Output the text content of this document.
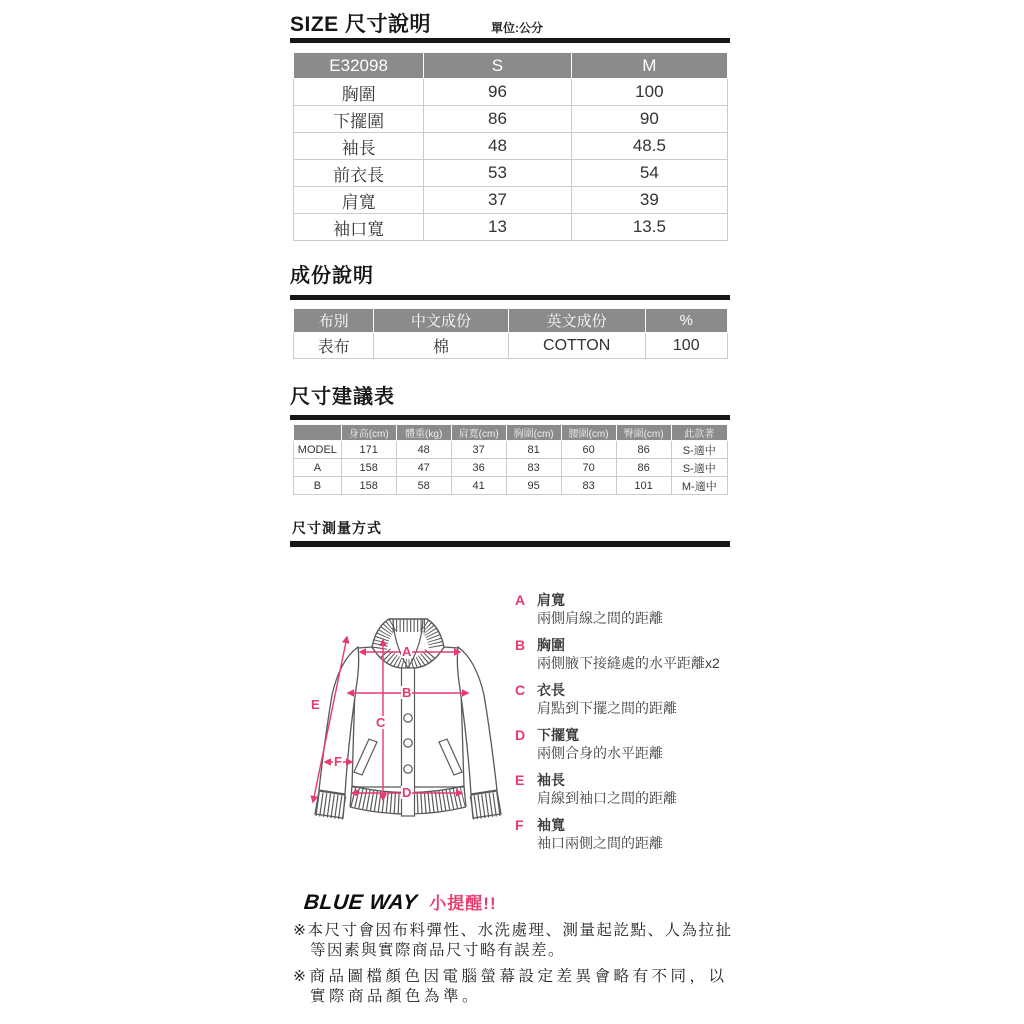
SIZE 尺寸說明	單位:公分
E32098	S	M
胸圍	96	100
下擺圍	86	90
袖長	48	48.5
前衣長	53	54
肩寬	37	39
袖口寬	13	13.5
成份說明
布別	中文成份	英文成份	%
表布	棉	COTTON	100
尺寸建議表
	身高(cm)	體重(kg)	肩寬(cm)	胸圍(cm)	腰圍(cm)	臀圍(cm)	此款著
MODEL	171	48	37	81	60	86	S-適中
A	158	47	36	83	70	86	S-適中
B	158	58	41	95	83	101	M-適中
尺寸測量方式
A
B
C
D
E
F
A 肩寬
兩側肩線之間的距離
B 胸圍
兩側腋下接縫處的水平距離x2
C 衣長
肩點到下擺之間的距離
D 下擺寬
兩側合身的水平距離
E 袖長
肩線到袖口之間的距離
F 袖寬
袖口兩側之間的距離
BLUE WAY 小提醒!!
※本尺寸會因布料彈性、水洗處理、測量起訖點、人為拉扯
等因素與實際商品尺寸略有誤差。
※商品圖檔顏色因電腦螢幕設定差異會略有不同，以
實際商品顏色為準。
